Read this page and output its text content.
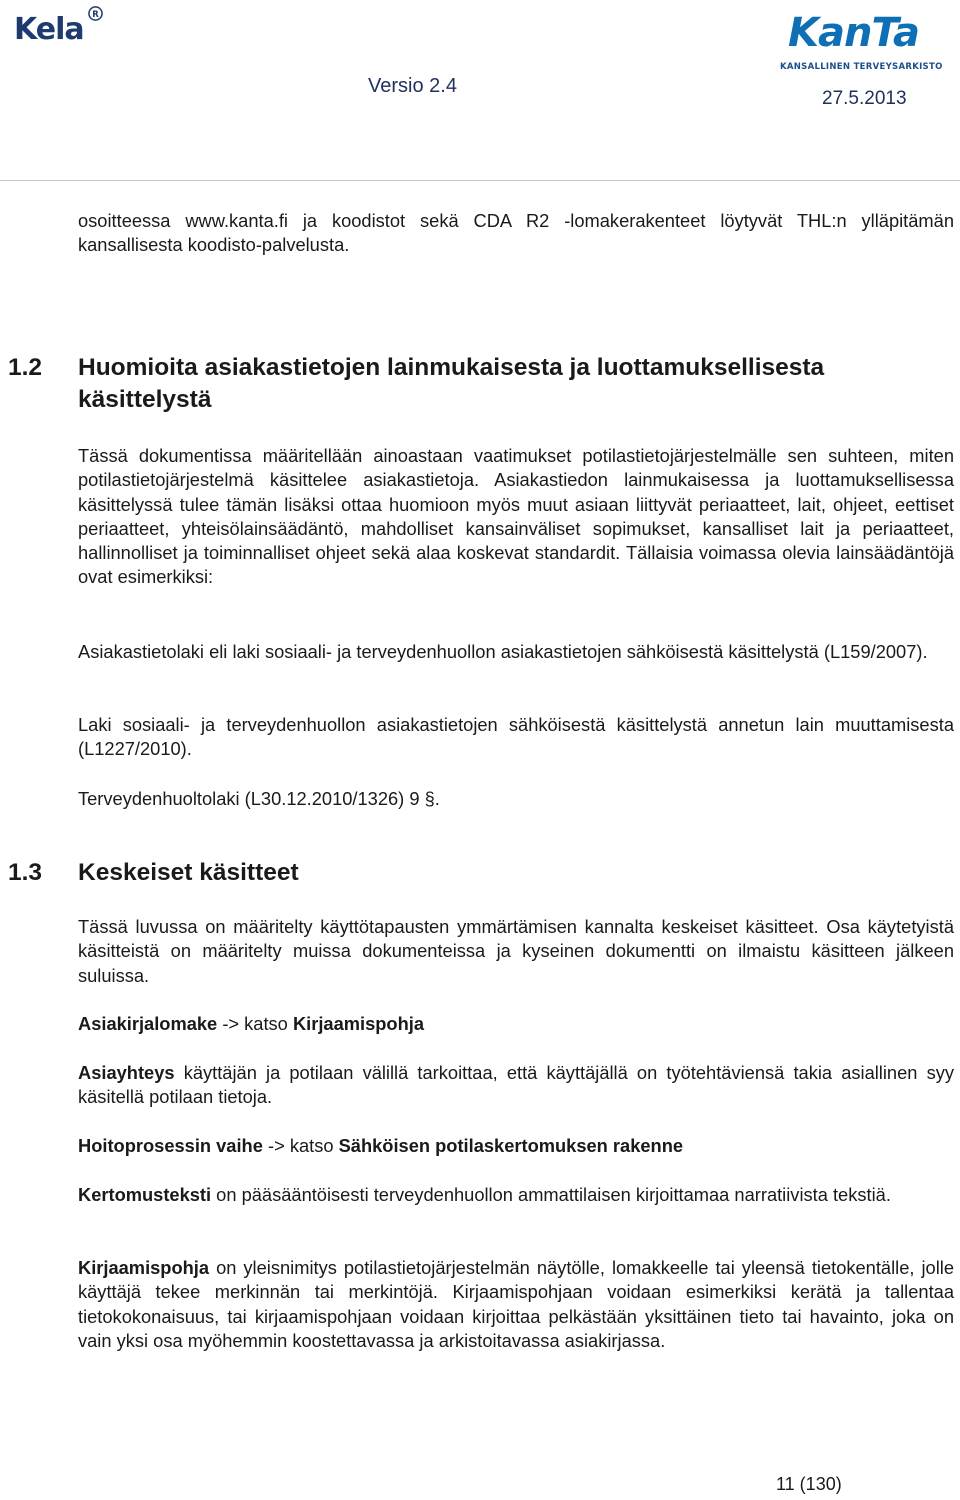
Kela R	KanTa
KANSALLINEN TERVEYSARKISTO
Versio 2.4
27.5.2013
osoitteessa www.kanta.fi ja koodistot sekä CDA R2 -lomakerakenteet löytyvät THL:n ylläpitämän kansallisesta koodisto-palvelusta.
1.2 Huomioita asiakastietojen lainmukaisesta ja luottamuksellisesta käsittelystä
Tässä dokumentissa määritellään ainoastaan vaatimukset potilastietojärjestelmälle sen suhteen, miten potilastietojärjestelmä käsittelee asiakastietoja. Asiakastiedon lainmukaisessa ja luottamuksellisessa käsittelyssä tulee tämän lisäksi ottaa huomioon myös muut asiaan liittyvät periaatteet, lait, ohjeet, eettiset periaatteet, yhteisölainsäädäntö, mahdolliset kansainväliset sopimukset, kansalliset lait ja periaatteet, hallinnolliset ja toiminnalliset ohjeet sekä alaa koskevat standardit. Tällaisia voimassa olevia lainsäädäntöjä ovat esimerkiksi:
Asiakastietolaki eli laki sosiaali- ja terveydenhuollon asiakastietojen sähköisestä käsittelystä (L159/2007).
Laki sosiaali- ja terveydenhuollon asiakastietojen sähköisestä käsittelystä annetun lain muuttamisesta (L1227/2010).
Terveydenhuoltolaki (L30.12.2010/1326) 9 §.
1.3 Keskeiset käsitteet
Tässä luvussa on määritelty käyttötapausten ymmärtämisen kannalta keskeiset käsitteet. Osa käytetyistä käsitteistä on määritelty muissa dokumenteissa ja kyseinen dokumentti on ilmaistu käsitteen jälkeen suluissa.
Asiakirjalomake -> katso Kirjaamispohja
Asiayhteys käyttäjän ja potilaan välillä tarkoittaa, että käyttäjällä on työtehtäviensä takia asiallinen syy käsitellä potilaan tietoja.
Hoitoprosessin vaihe -> katso Sähköisen potilaskertomuksen rakenne
Kertomusteksti on pääsääntöisesti terveydenhuollon ammattilaisen kirjoittamaa narratiivista tekstiä.
Kirjaamispohja on yleisnimitys potilastietojärjestelmän näytölle, lomakkeelle tai yleensä tietokentälle, jolle käyttäjä tekee merkinnän tai merkintöjä. Kirjaamispohjaan voidaan esimerkiksi kerätä ja tallentaa tietokokonaisuus, tai kirjaamispohjaan voidaan kirjoittaa pelkästään yksittäinen tieto tai havainto, joka on vain yksi osa myöhemmin koostettavassa ja arkistoitavassa asiakirjassa.
11 (130)
